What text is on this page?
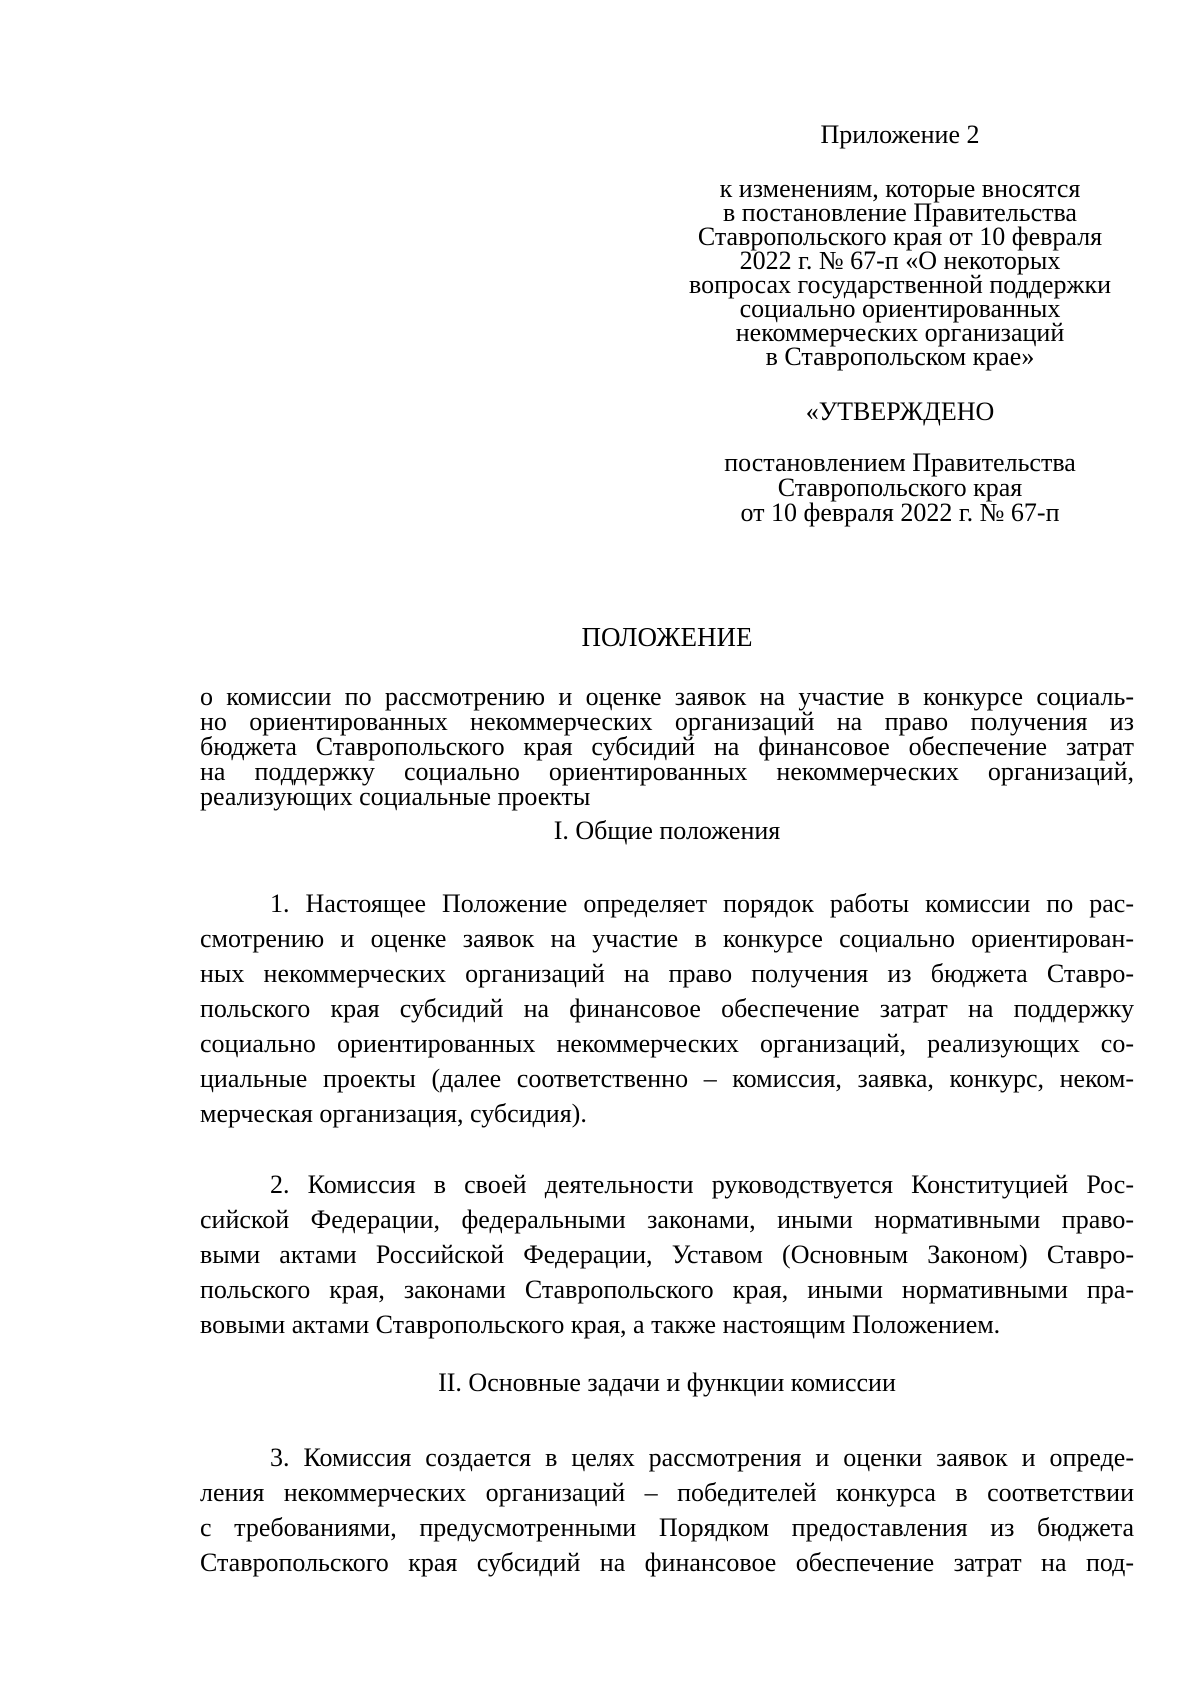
Приложение 2
к изменениям, которые вносятся
в постановление Правительства
Ставропольского края от 10 февраля
2022 г. № 67-п «О некоторых
вопросах государственной поддержки
социально ориентированных
некоммерческих организаций
в Ставропольском крае»
«УТВЕРЖДЕНО
постановлением Правительства
Ставропольского края
от 10 февраля 2022 г. № 67-п
ПОЛОЖЕНИЕ
о комиссии по рассмотрению и оценке заявок на участие в конкурсе социаль-
но ориентированных некоммерческих организаций на право получения из
бюджета Ставропольского края субсидий на финансовое обеспечение затрат
на поддержку социально ориентированных некоммерческих организаций,
реализующих социальные проекты
I. Общие положения
1. Настоящее Положение определяет порядок работы комиссии по рас-
смотрению и оценке заявок на участие в конкурсе социально ориентирован-
ных некоммерческих организаций на право получения из бюджета Ставро-
польского края субсидий на финансовое обеспечение затрат на поддержку
социально ориентированных некоммерческих организаций, реализующих со-
циальные проекты (далее соответственно – комиссия, заявка, конкурс, неком-
мерческая организация, субсидия).
2. Комиссия в своей деятельности руководствуется Конституцией Рос-
сийской Федерации, федеральными законами, иными нормативными право-
выми актами Российской Федерации, Уставом (Основным Законом) Ставро-
польского края, законами Ставропольского края, иными нормативными пра-
вовыми актами Ставропольского края, а также настоящим Положением.
II. Основные задачи и функции комиссии
3. Комиссия создается в целях рассмотрения и оценки заявок и опреде-
ления некоммерческих организаций – победителей конкурса в соответствии
с требованиями, предусмотренными Порядком предоставления из бюджета
Ставропольского края субсидий на финансовое обеспечение затрат на под-
